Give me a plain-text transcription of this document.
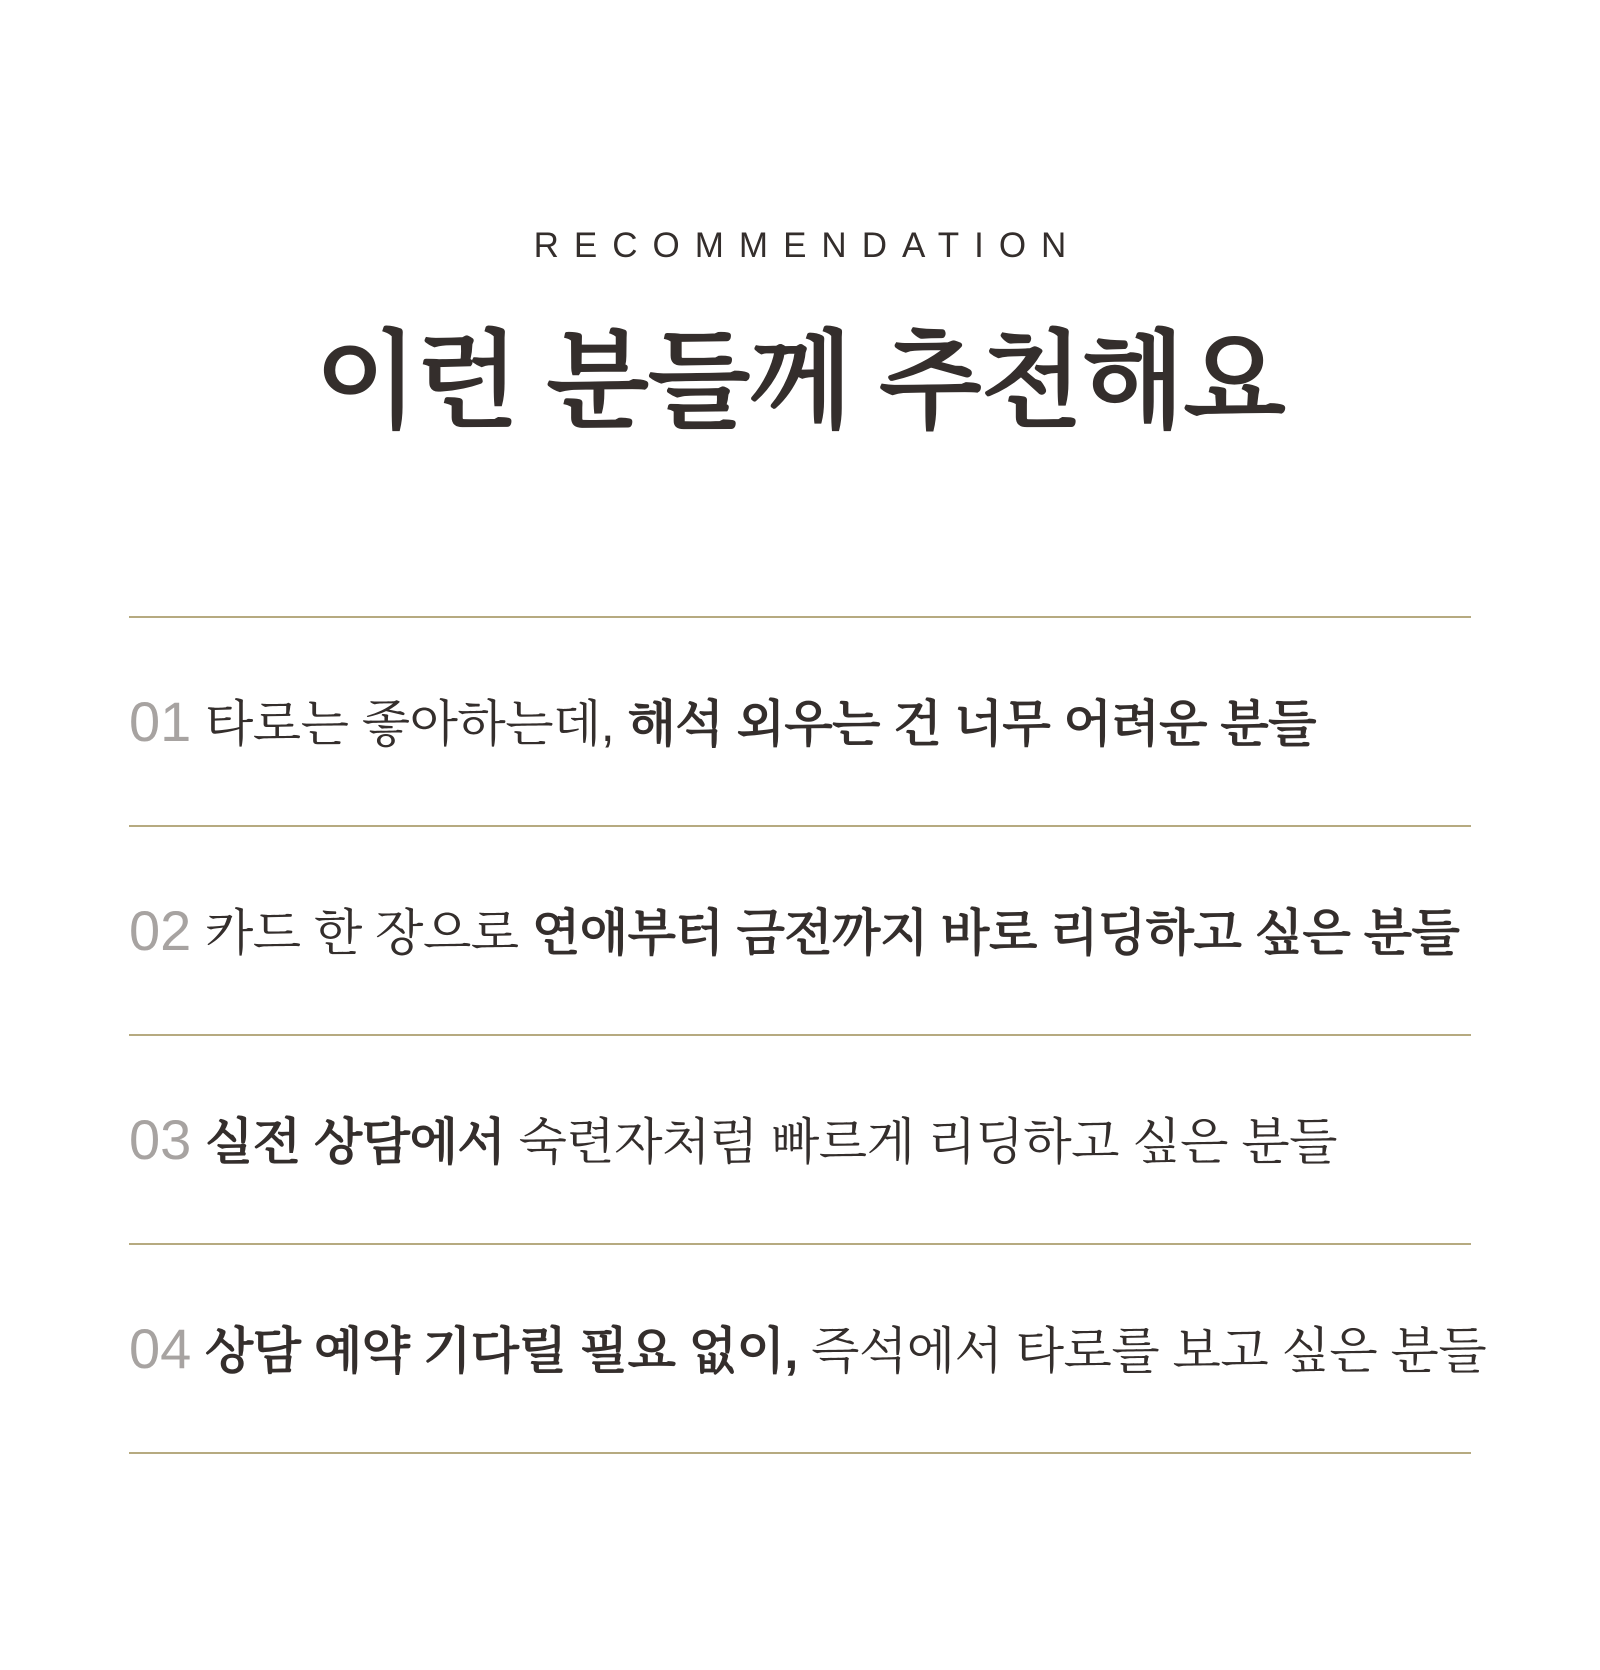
RECOMMENDATION
이런 분들께 추천해요

01 타로는 좋아하는데, 해석 외우는 건 너무 어려운 분들

02 카드 한 장으로 연애부터 금전까지 바로 리딩하고 싶은 분들

03 실전 상담에서 숙련자처럼 빠르게 리딩하고 싶은 분들

04 상담 예약 기다릴 필요 없이, 즉석에서 타로를 보고 싶은 분들
